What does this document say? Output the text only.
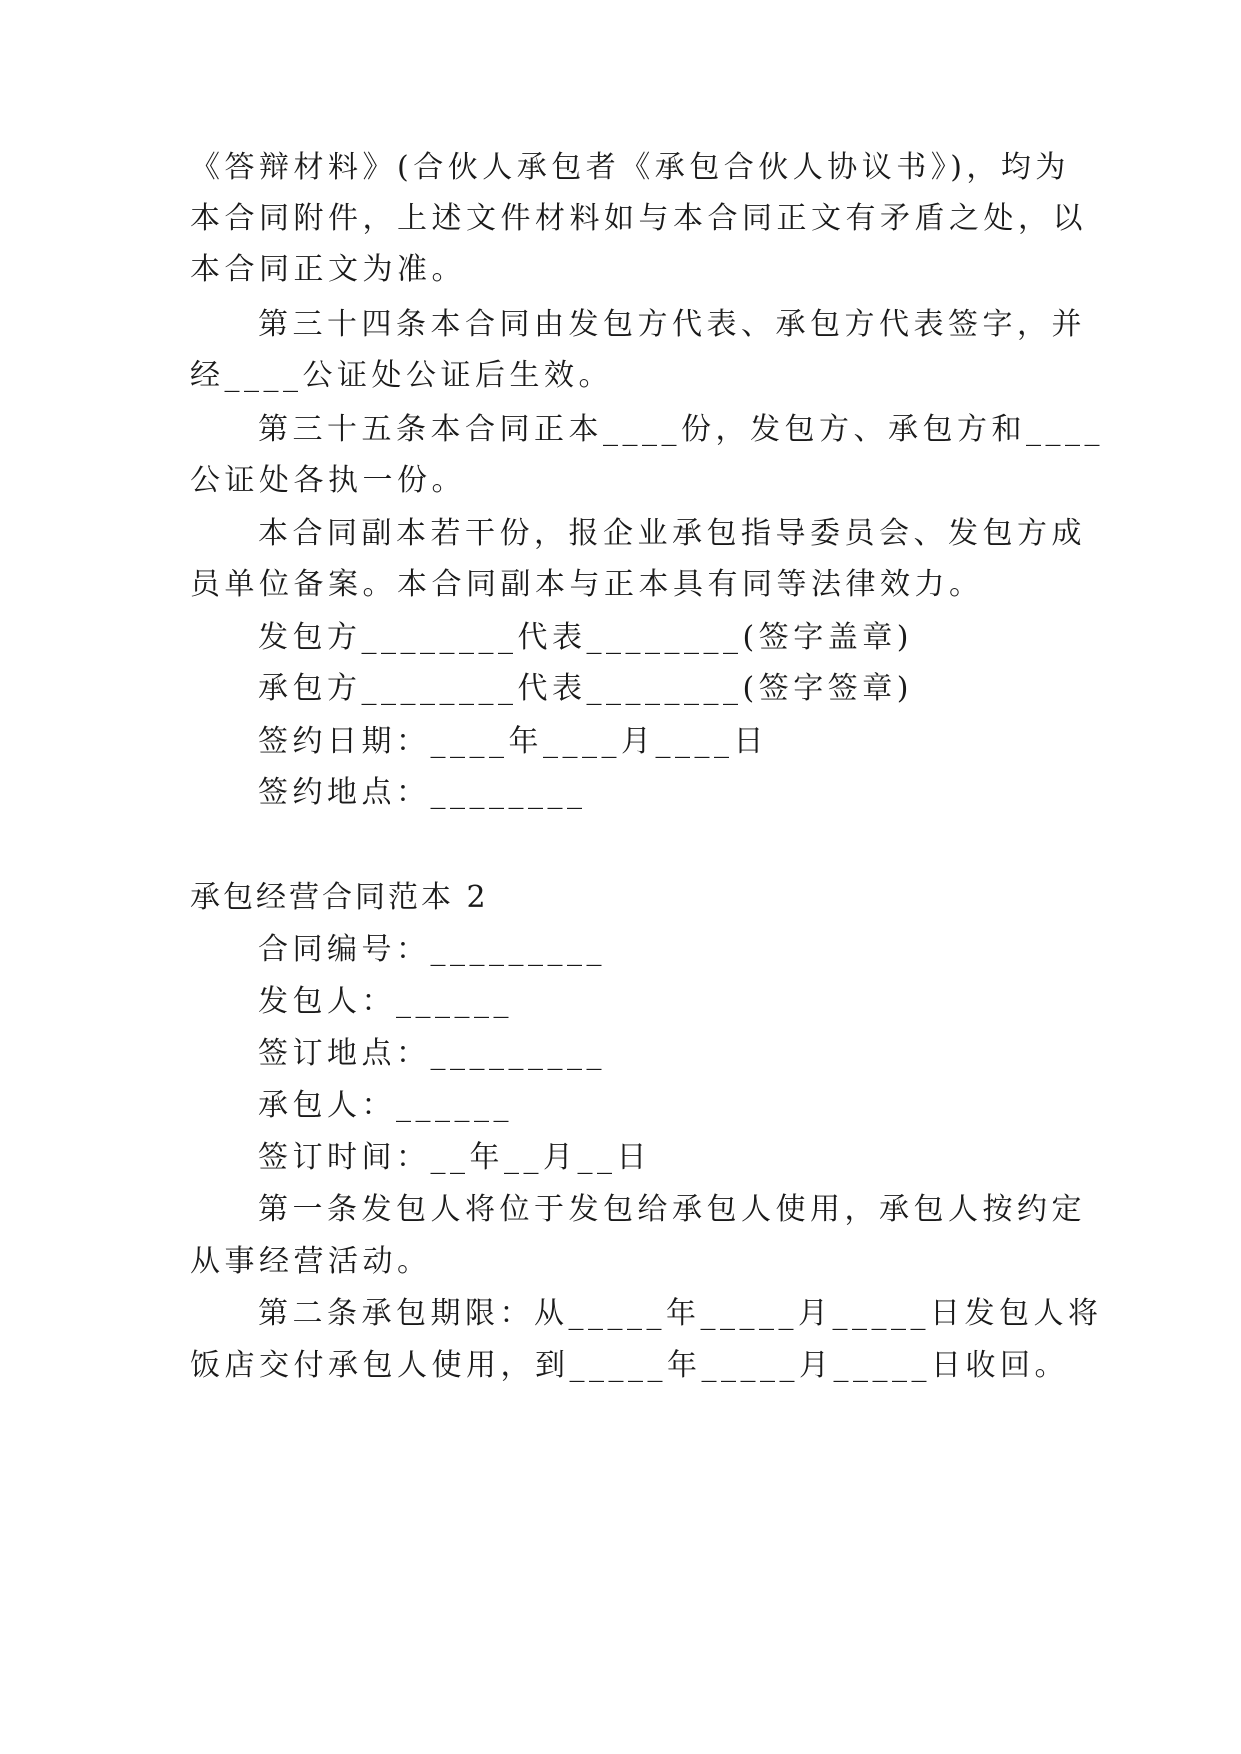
《答辩材料》(合伙人承包者《承包合伙人协议书》)，均为
本合同附件，上述文件材料如与本合同正文有矛盾之处，以
本合同正文为准。
第三十四条本合同由发包方代表、承包方代表签字，并
经____公证处公证后生效。
第三十五条本合同正本____份，发包方、承包方和____
公证处各执一份。
本合同副本若干份，报企业承包指导委员会、发包方成
员单位备案。本合同副本与正本具有同等法律效力。
发包方________代表________(签字盖章)
承包方________代表________(签字签章)
签约日期：____年____月____日
签约地点：________
承包经营合同范本 2
合同编号：_________
发包人：______
签订地点：_________
承包人：______
签订时间：__年__月__日
第一条发包人将位于发包给承包人使用，承包人按约定
从事经营活动。
第二条承包期限：从_____年_____月_____日发包人将
饭店交付承包人使用，到_____年_____月_____日收回。
